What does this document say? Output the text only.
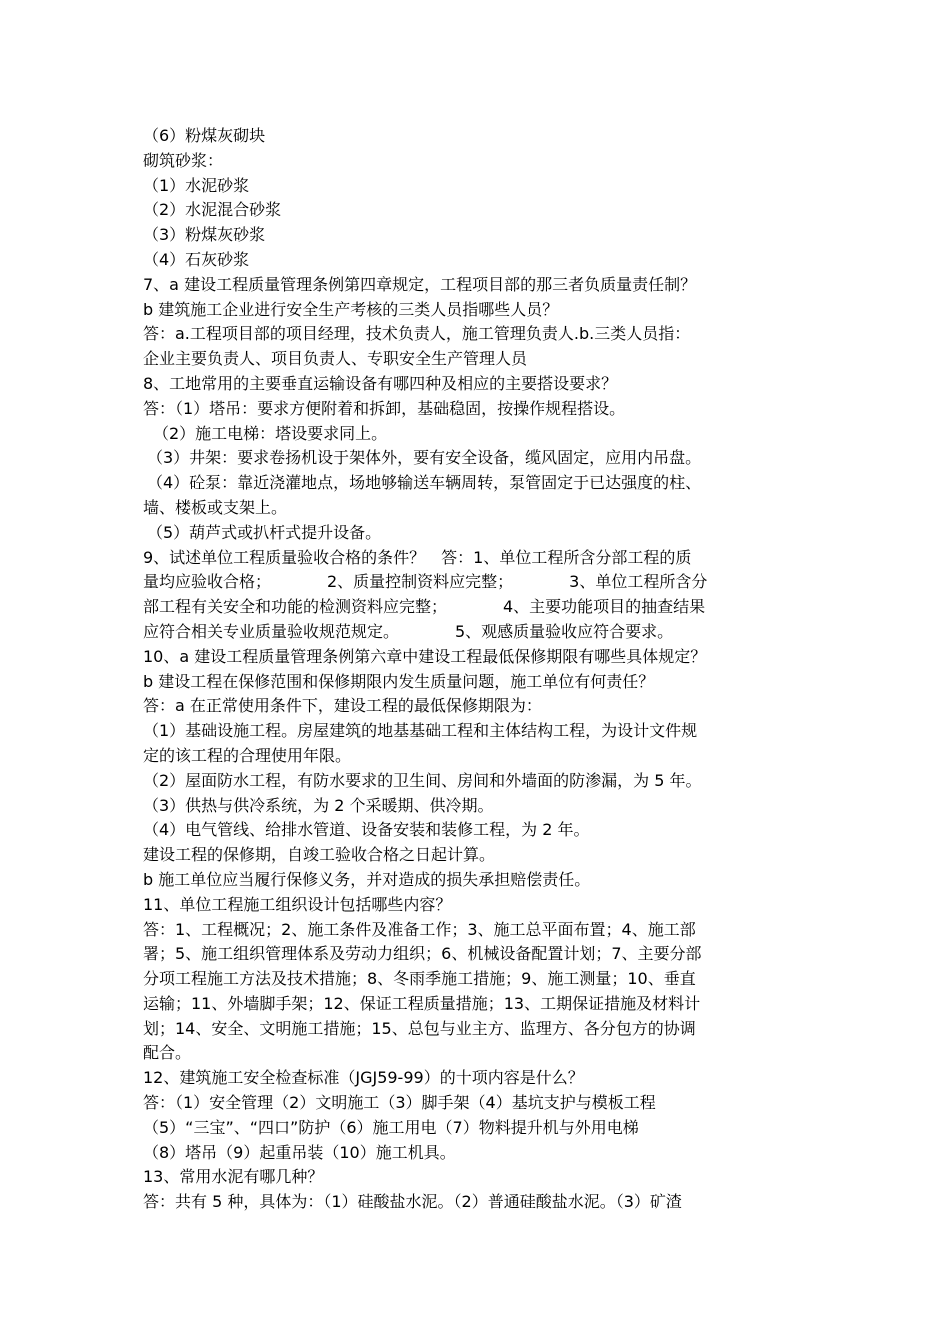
（6）粉煤灰砌块
砌筑砂浆：
（1）水泥砂浆
（2）水泥混合砂浆
（3）粉煤灰砂浆
（4）石灰砂浆
7、a 建设工程质量管理条例第四章规定，工程项目部的那三者负质量责任制？
b 建筑施工企业进行安全生产考核的三类人员指哪些人员？
答：a.工程项目部的项目经理，技术负责人，施工管理负责人.b.三类人员指：
企业主要负责人、项目负责人、专职安全生产管理人员
8、工地常用的主要垂直运输设备有哪四种及相应的主要搭设要求？
答：（1）塔吊：要求方便附着和拆卸，基础稳固，按操作规程搭设。
（2）施工电梯：塔设要求同上。
（3）井架：要求卷扬机设于架体外，要有安全设备，缆风固定，应用内吊盘。
（4）砼泵：靠近浇灌地点，场地够输送车辆周转，泵管固定于已达强度的柱、
墙、楼板或支架上。
（5）葫芦式或扒杆式提升设备。
9、试述单位工程质量验收合格的条件？　答：1、单位工程所含分部工程的质
量均应验收合格；　　　　2、质量控制资料应完整；　　　　3、单位工程所含分
部工程有关安全和功能的检测资料应完整；　　　　4、主要功能项目的抽查结果
应符合相关专业质量验收规范规定。　　　　5、观感质量验收应符合要求。
10、a 建设工程质量管理条例第六章中建设工程最低保修期限有哪些具体规定？
b 建设工程在保修范围和保修期限内发生质量问题，施工单位有何责任？
答：a 在正常使用条件下，建设工程的最低保修期限为：
（1）基础设施工程。房屋建筑的地基基础工程和主体结构工程，为设计文件规
定的该工程的合理使用年限。
（2）屋面防水工程，有防水要求的卫生间、房间和外墙面的防渗漏，为 5 年。
（3）供热与供冷系统，为 2 个采暖期、供冷期。
（4）电气管线、给排水管道、设备安装和装修工程，为 2 年。
建设工程的保修期，自竣工验收合格之日起计算。
b 施工单位应当履行保修义务，并对造成的损失承担赔偿责任。
11、单位工程施工组织设计包括哪些内容？
答：1、工程概况；2、施工条件及准备工作；3、施工总平面布置；4、施工部
署；5、施工组织管理体系及劳动力组织；6、机械设备配置计划；7、主要分部
分项工程施工方法及技术措施；8、冬雨季施工措施；9、施工测量；10、垂直
运输；11、外墙脚手架；12、保证工程质量措施；13、工期保证措施及材料计
划；14、安全、文明施工措施；15、总包与业主方、监理方、各分包方的协调
配合。
12、建筑施工安全检查标准（JGJ59-99）的十项内容是什么？
答：（1）安全管理（2）文明施工（3）脚手架（4）基坑支护与模板工程
（5）“三宝”、“四口”防护（6）施工用电（7）物料提升机与外用电梯
（8）塔吊（9）起重吊装（10）施工机具。
13、常用水泥有哪几种？
答：共有 5 种，具体为：（1）硅酸盐水泥。（2）普通硅酸盐水泥。（3）矿渣
